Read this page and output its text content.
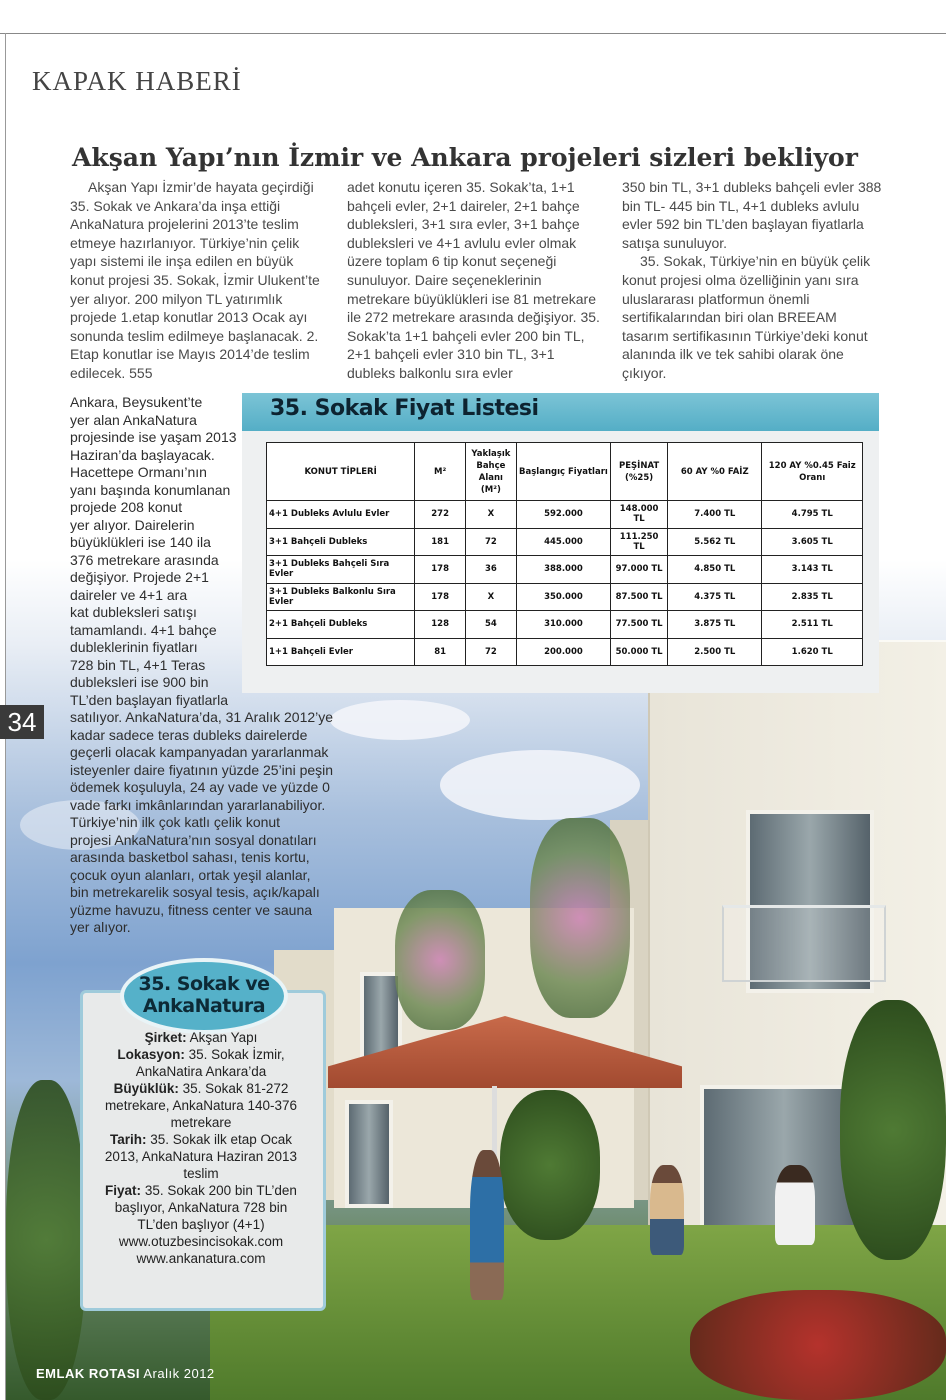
KAPAK HABERİ
Akşan Yapı’nın İzmir ve Ankara projeleri sizleri bekliyor

Akşan Yapı İzmir’de hayata geçirdiği 35. Sokak ve Ankara’da inşa ettiği AnkaNatura projelerini 2013’te teslim etmeye hazırlanıyor. Türkiye’nin çelik yapı sistemi ile inşa edilen en büyük konut projesi 35. Sokak, İzmir Ulukent’te yer alıyor. 200 milyon TL yatırımlık projede 1.etap konutlar 2013 Ocak ayı sonunda teslim edilmeye başlanacak. 2. Etap konutlar ise Mayıs 2014’de teslim edilecek. 555

adet konutu içeren 35. Sokak’ta, 1+1 bahçeli evler, 2+1 daireler, 2+1 bahçe dubleksleri, 3+1 sıra evler, 3+1 bahçe dubleksleri ve 4+1 avlulu evler olmak üzere toplam 6 tip konut seçeneği sunuluyor. Daire seçeneklerinin metrekare büyüklükleri ise 81 metrekare ile 272 metrekare arasında değişiyor. 35. Sokak’ta 1+1 bahçeli evler 200 bin TL, 2+1 bahçeli evler 310 bin TL, 3+1 dubleks balkonlu sıra evler

350 bin TL, 3+1 dubleks bahçeli evler 388 bin TL- 445 bin TL, 4+1 dubleks avlulu evler 592 bin TL’den başlayan fiyatlarla satışa sunuluyor.

35. Sokak, Türkiye’nin en büyük çelik konut projesi olma özelliğinin yanı sıra uluslararası platformun önemli sertifikalarından biri olan BREEAM tasarım sertifikasının Türkiye’deki konut alanında ilk ve tek sahibi olarak öne çıkıyor.

35. Sokak Fiyat Listesi
KONUT TİPLERİ	M²	Yaklaşık Bahçe Alanı (M²)	Başlangıç Fiyatları	PEŞİNAT (%25)	60 AY %0 FAİZ	120 AY %0.45 Faiz Oranı
4+1 Dubleks Avlulu Evler	272	X	592.000	148.000 TL	7.400 TL	4.795 TL
3+1 Bahçeli Dubleks	181	72	445.000	111.250 TL	5.562 TL	3.605 TL
3+1 Dubleks Bahçeli Sıra Evler	178	36	388.000	97.000 TL	4.850 TL	3.143 TL
3+1 Dubleks Balkonlu Sıra Evler	178	X	350.000	87.500 TL	4.375 TL	2.835 TL
2+1 Bahçeli Dubleks	128	54	310.000	77.500 TL	3.875 TL	2.511 TL
1+1 Bahçeli Evler	81	72	200.000	50.000 TL	2.500 TL	1.620 TL
Ankara, Beysukent’te
yer alan AnkaNatura
projesinde ise yaşam 2013
Haziran’da başlayacak.
Hacettepe Ormanı’nın
yanı başında konumlanan
projede 208 konut
yer alıyor. Dairelerin
büyüklükleri ise 140 ila
376 metrekare arasında
değişiyor. Projede 2+1
daireler ve 4+1 ara
kat dubleksleri satışı
tamamlandı. 4+1 bahçe
dubleklerinin fiyatları
728 bin TL, 4+1 Teras
dubleksleri ise 900 bin
TL’den başlayan fiyatlarla
satılıyor. AnkaNatura’da, 31 Aralık 2012’ye
kadar sadece teras dubleks dairelerde
geçerli olacak kampanyadan yararlanmak
isteyenler daire fiyatının yüzde 25’ini peşin
ödemek koşuluyla, 24 ay vade ve yüzde 0
vade farkı imkânlarından yararlanabiliyor.
Türkiye’nin ilk çok katlı çelik konut
projesi AnkaNatura’nın sosyal donatıları
arasında basketbol sahası, tenis kortu,
çocuk oyun alanları, ortak yeşil alanlar,
bin metrekarelik sosyal tesis, açık/kapalı
yüzme havuzu, fitness center ve sauna
yer alıyor.
34
35. Sokak ve
AnkaNatura
Şirket: Akşan Yapı
Lokasyon: 35. Sokak İzmir, AnkaNatira Ankara’da
Büyüklük: 35. Sokak 81-272 metrekare, AnkaNatura 140-376 metrekare
Tarih: 35. Sokak ilk etap Ocak 2013, AnkaNatura Haziran 2013 teslim
Fiyat: 35. Sokak 200 bin TL’den başlıyor, AnkaNatura 728 bin TL’den başlıyor (4+1)
www.otuzbesincisokak.com
www.ankanatura.com
EMLAK ROTASI Aralık 2012
